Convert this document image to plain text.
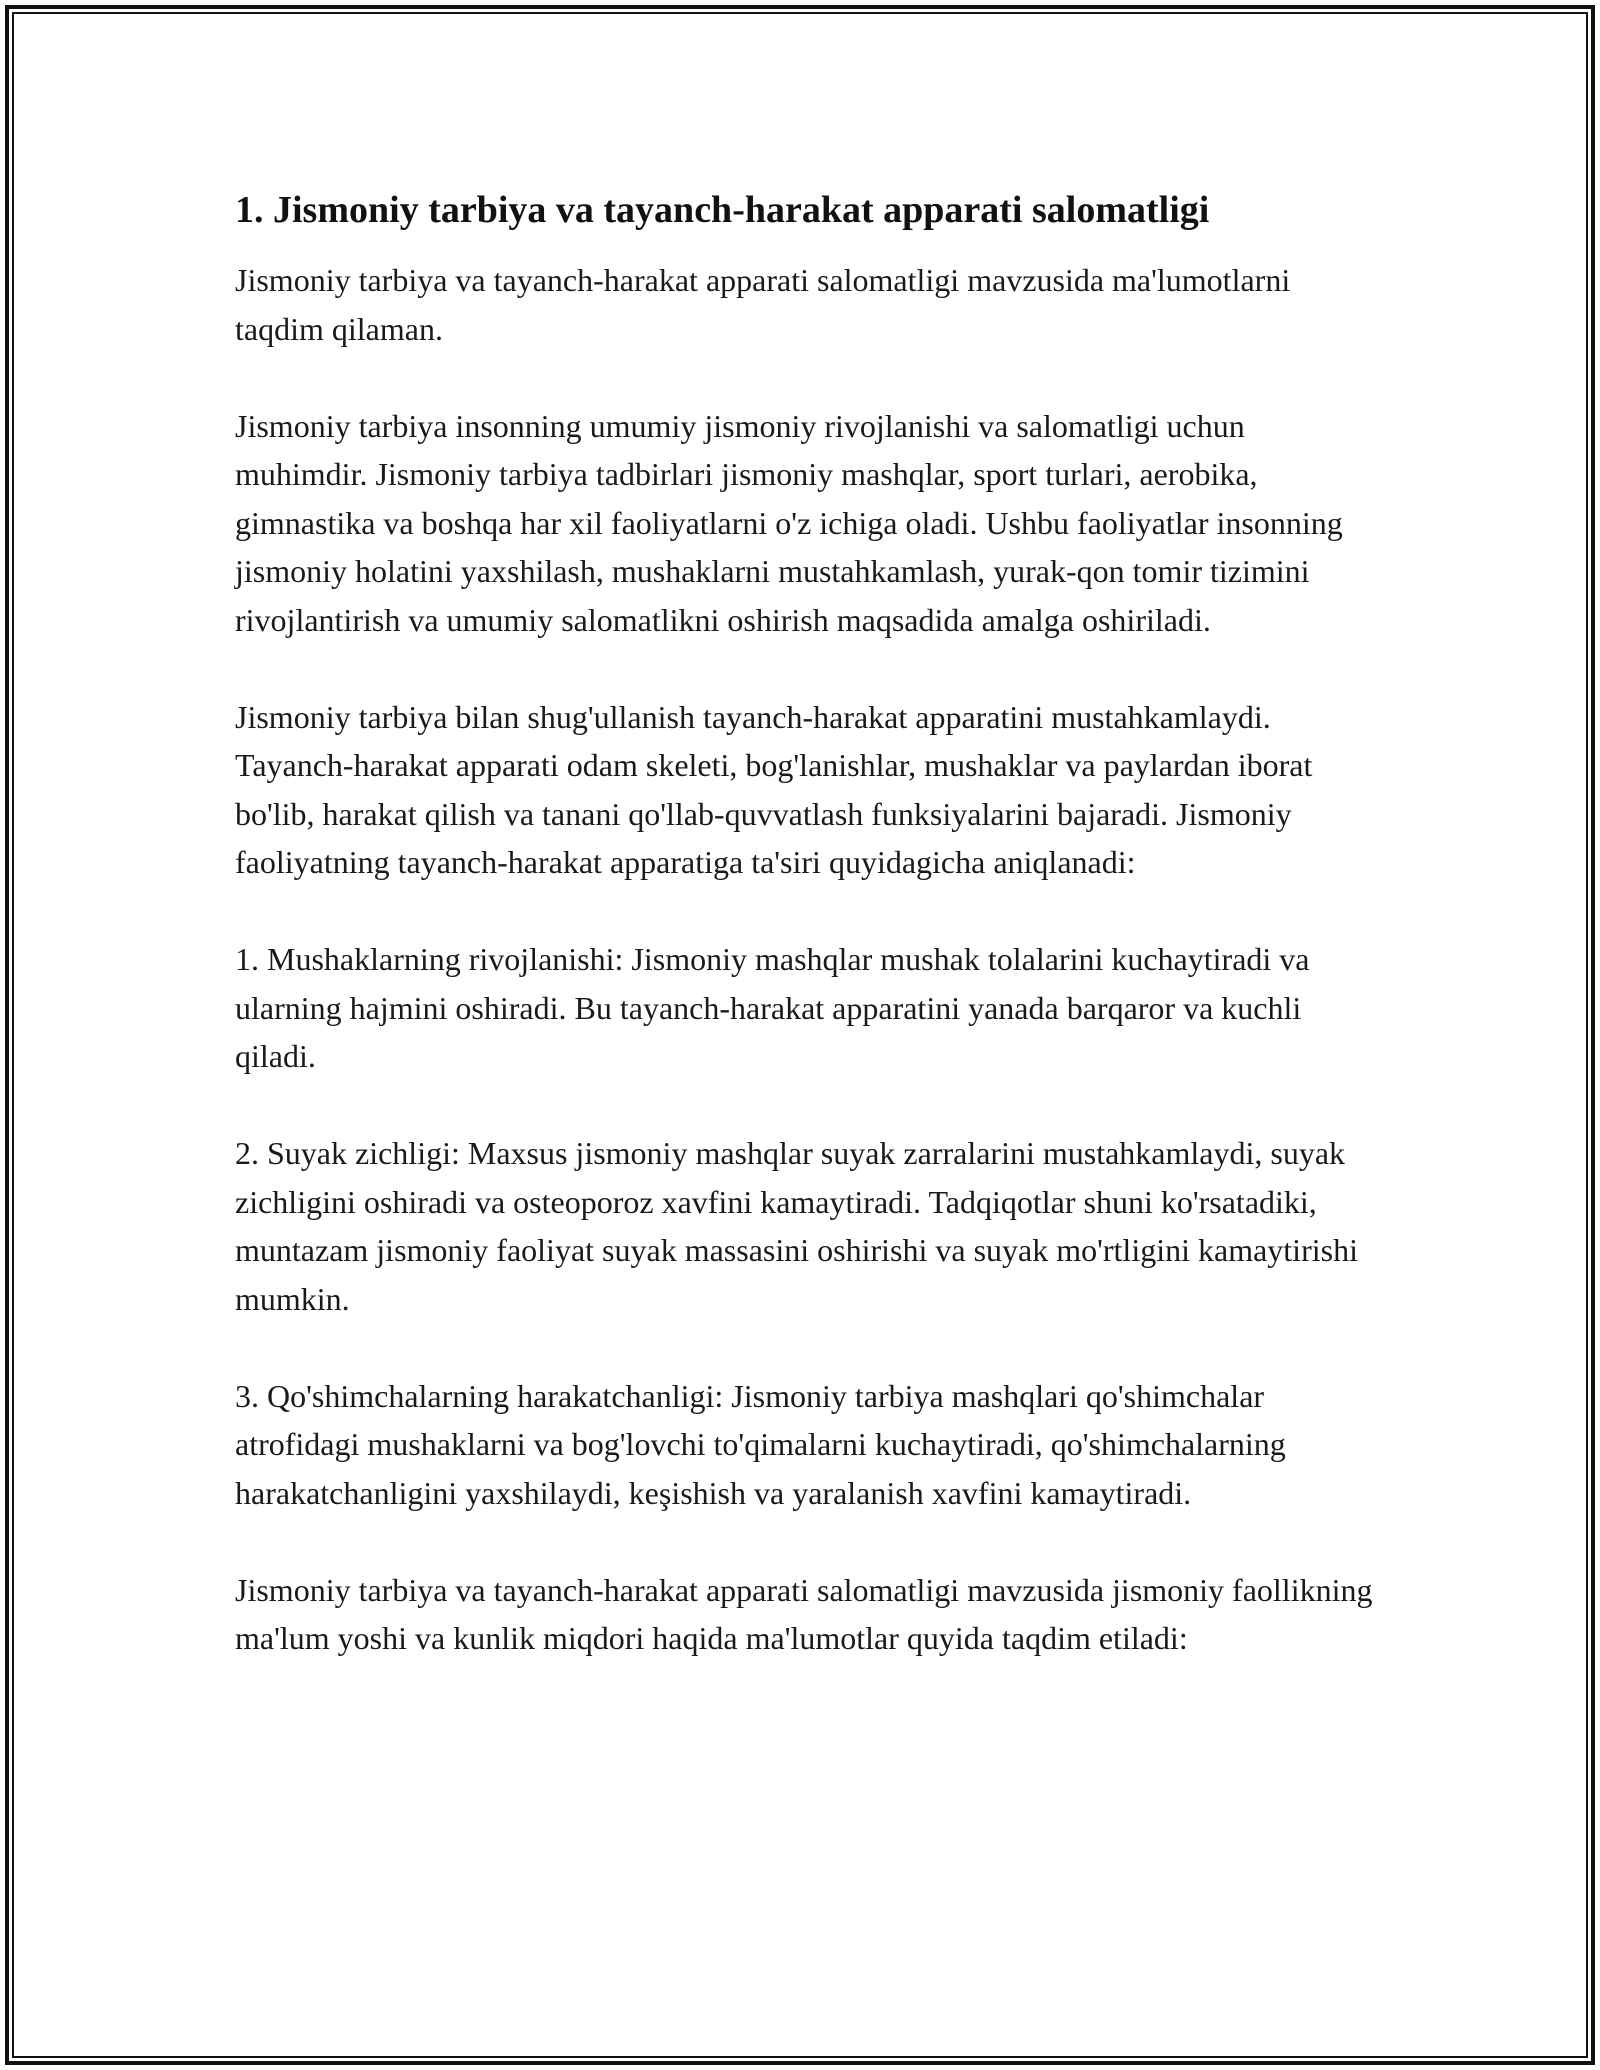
1. Jismoniy tarbiya va tayanch-harakat apparati salomatligi

Jismoniy tarbiya va tayanch-harakat apparati salomatligi mavzusida ma'lumotlarni taqdim qilaman.

Jismoniy tarbiya insonning umumiy jismoniy rivojlanishi va salomatligi uchun muhimdir. Jismoniy tarbiya tadbirlari jismoniy mashqlar, sport turlari, aerobika, gimnastika va boshqa har xil faoliyatlarni o'z ichiga oladi. Ushbu faoliyatlar insonning jismoniy holatini yaxshilash, mushaklarni mustahkamlash, yurak-qon tomir tizimini rivojlantirish va umumiy salomatlikni oshirish maqsadida amalga oshiriladi.

Jismoniy tarbiya bilan shug'ullanish tayanch-harakat apparatini mustahkamlaydi. Tayanch-harakat apparati odam skeleti, bog'lanishlar, mushaklar va paylardan iborat bo'lib, harakat qilish va tanani qo'llab-quvvatlash funksiyalarini bajaradi. Jismoniy faoliyatning tayanch-harakat apparatiga ta'siri quyidagicha aniqlanadi:

1. Mushaklarning rivojlanishi: Jismoniy mashqlar mushak tolalarini kuchaytiradi va ularning hajmini oshiradi. Bu tayanch-harakat apparatini yanada barqaror va kuchli qiladi.

2. Suyak zichligi: Maxsus jismoniy mashqlar suyak zarralarini mustahkamlaydi, suyak zichligini oshiradi va osteoporoz xavfini kamaytiradi. Tadqiqotlar shuni ko'rsatadiki, muntazam jismoniy faoliyat suyak massasini oshirishi va suyak mo'rtligini kamaytirishi mumkin.

3. Qo'shimchalarning harakatchanligi: Jismoniy tarbiya mashqlari qo'shimchalar atrofidagi mushaklarni va bog'lovchi to'qimalarni kuchaytiradi, qo'shimchalarning harakatchanligini yaxshilaydi, keşishish va yaralanish xavfini kamaytiradi.

Jismoniy tarbiya va tayanch-harakat apparati salomatligi mavzusida jismoniy faollikning ma'lum yoshi va kunlik miqdori haqida ma'lumotlar quyida taqdim etiladi:
